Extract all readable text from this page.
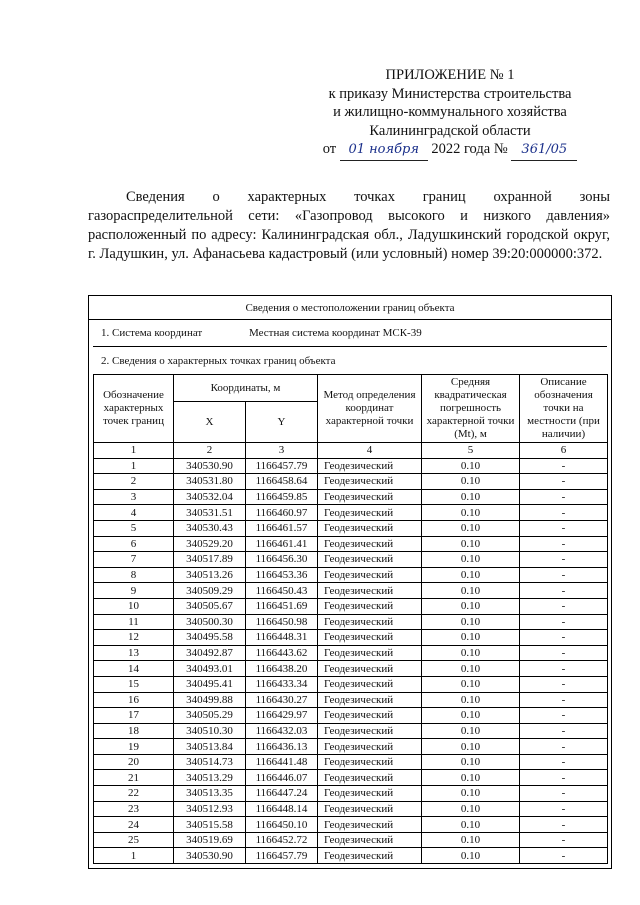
ПРИЛОЖЕНИЕ № 1
к приказу Министерства строительства
и жилищно-коммунального хозяйства
Калининградской области
от 01 ноября 2022 года № 361/05

Сведения о характерных точках границ охранной зоны газораспределительной сети: «Газопровод высокого и низкого давления» расположенный по адресу: Калининградская обл., Ладушкинский городской округ, г. Ладушкин, ул. Афанасьева кадастровый (или условный) номер 39:20:000000:372.

Сведения о местоположении границ объекта
1. Система координат	Местная система координат МСК-39
2. Сведения о характерных точках границ объекта
Обозначение характерных точек границ	Координаты, м		Метод определения координат характерной точки	Средняя квадратическая погрешность характерной точки (Mt), м	Описание обозначения точки на местности (при наличии)
	X	Y			
1	2	3	4	5	6
1	340530.90	1166457.79	Геодезический	0.10	-
2	340531.80	1166458.64	Геодезический	0.10	-
3	340532.04	1166459.85	Геодезический	0.10	-
4	340531.51	1166460.97	Геодезический	0.10	-
5	340530.43	1166461.57	Геодезический	0.10	-
6	340529.20	1166461.41	Геодезический	0.10	-
7	340517.89	1166456.30	Геодезический	0.10	-
8	340513.26	1166453.36	Геодезический	0.10	-
9	340509.29	1166450.43	Геодезический	0.10	-
10	340505.67	1166451.69	Геодезический	0.10	-
11	340500.30	1166450.98	Геодезический	0.10	-
12	340495.58	1166448.31	Геодезический	0.10	-
13	340492.87	1166443.62	Геодезический	0.10	-
14	340493.01	1166438.20	Геодезический	0.10	-
15	340495.41	1166433.34	Геодезический	0.10	-
16	340499.88	1166430.27	Геодезический	0.10	-
17	340505.29	1166429.97	Геодезический	0.10	-
18	340510.30	1166432.03	Геодезический	0.10	-
19	340513.84	1166436.13	Геодезический	0.10	-
20	340514.73	1166441.48	Геодезический	0.10	-
21	340513.29	1166446.07	Геодезический	0.10	-
22	340513.35	1166447.24	Геодезический	0.10	-
23	340512.93	1166448.14	Геодезический	0.10	-
24	340515.58	1166450.10	Геодезический	0.10	-
25	340519.69	1166452.72	Геодезический	0.10	-
1	340530.90	1166457.79	Геодезический	0.10	-
